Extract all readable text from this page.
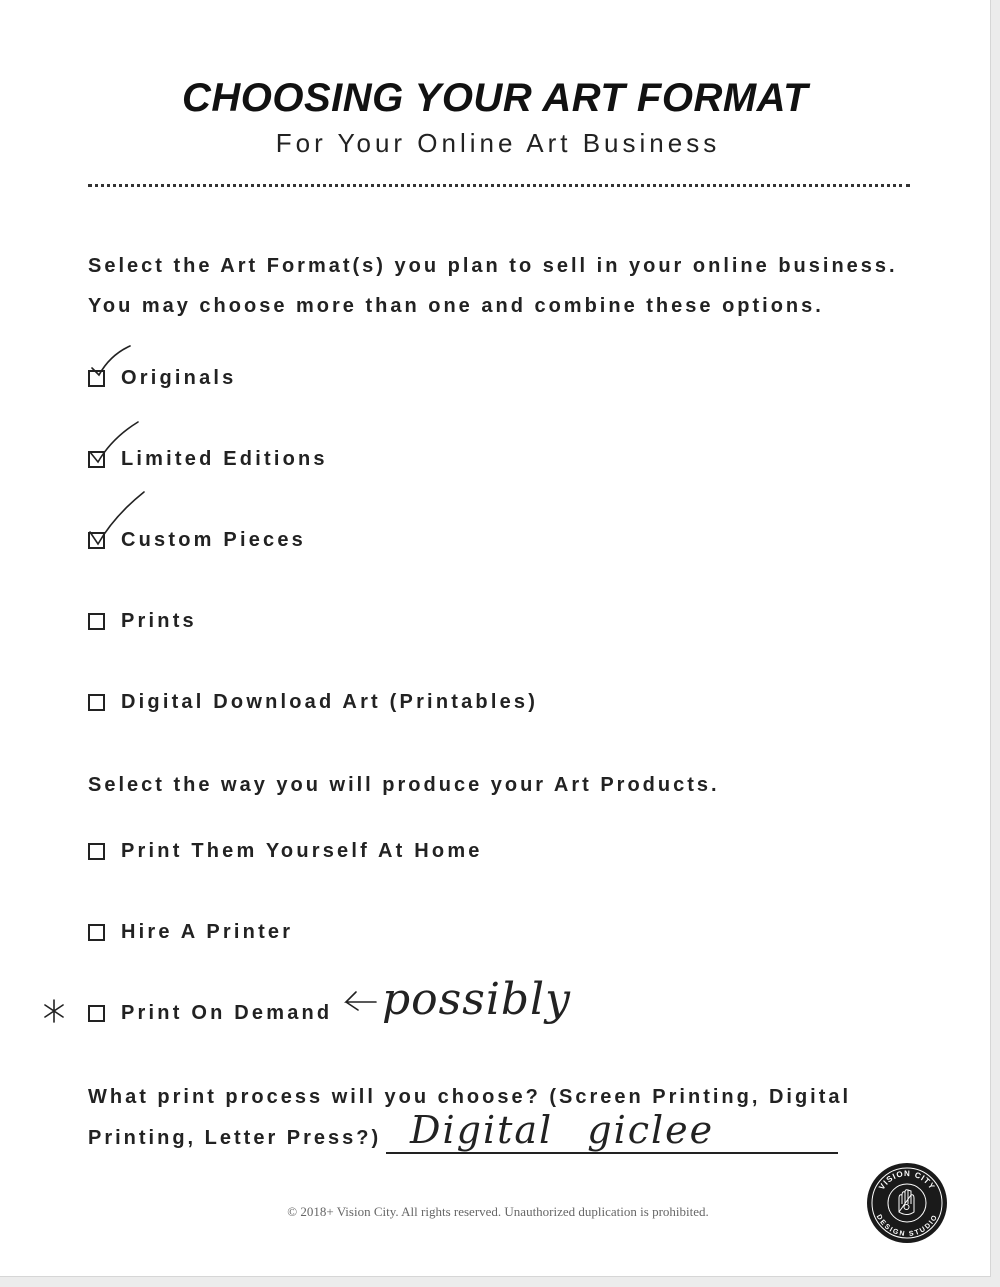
CHOOSING YOUR ART FORMAT
For Your Online Art Business
Select the Art Format(s) you plan to sell in your online business.
You may choose more than one and combine these options.
Originals
Limited Editions
Custom Pieces
Prints
Digital Download Art (Printables)
Select the way you will produce your Art Products.
Print Them Yourself At Home
Hire A Printer
Print On Demand possibly
What print process will you choose? (Screen Printing, Digital
Printing, Letter Press?) Digital giclee
© 2018+ Vision City. All rights reserved. Unauthorized duplication is prohibited.
VISION CITY
DESIGN STUDIO
